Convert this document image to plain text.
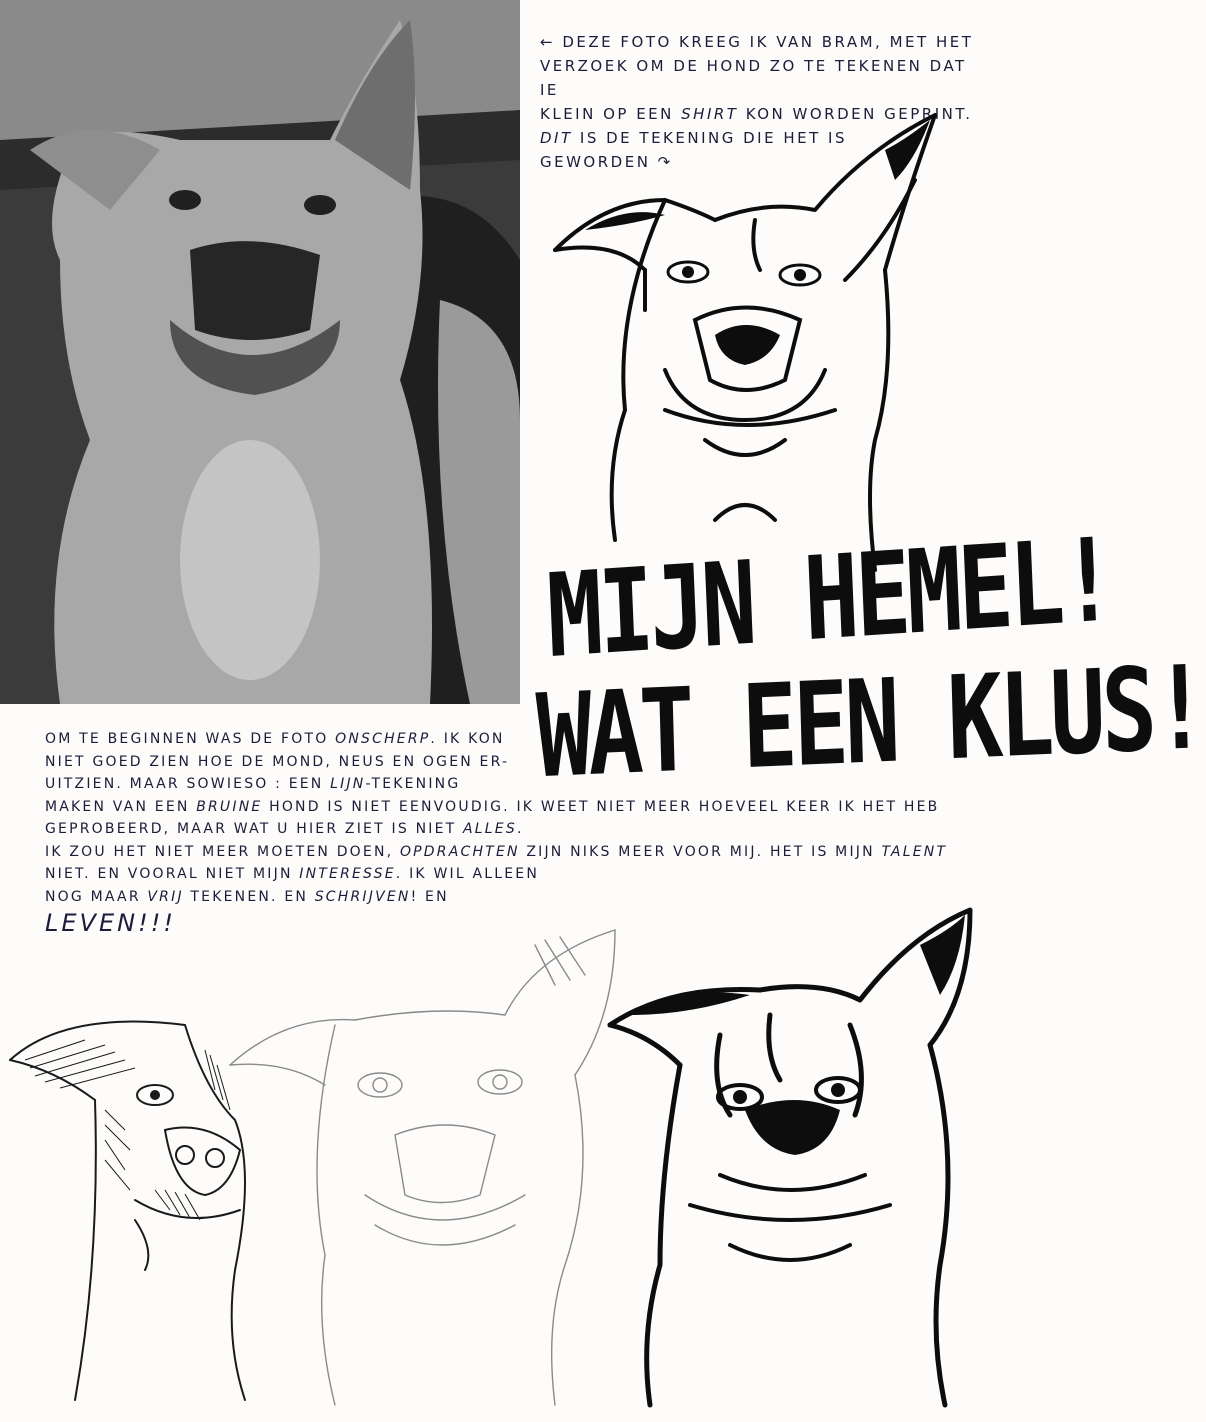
← DEZE FOTO KREEG IK VAN BRAM, MET HET
VERZOEK OM DE HOND ZO TE TEKENEN DAT IE
KLEIN OP EEN SHIRT KON WORDEN GEPRINT.
DIT IS DE TEKENING DIE HET IS
GEWORDEN ↷
MIJN HEMEL!
WAT EEN KLUS!
OM TE BEGINNEN WAS DE FOTO ONSCHERP. IK KON
NIET GOED ZIEN HOE DE MOND, NEUS EN OGEN ER-
UITZIEN. MAAR SOWIESO : EEN LIJN-TEKENING
MAKEN VAN EEN BRUINE HOND IS NIET EENVOUDIG. IK WEET NIET MEER HOEVEEL KEER IK HET HEB
GEPROBEERD, MAAR WAT U HIER ZIET IS NIET ALLES.
IK ZOU HET NIET MEER MOETEN DOEN, OPDRACHTEN ZIJN NIKS MEER VOOR MIJ. HET IS MIJN TALENT
NIET. EN VOORAL NIET MIJN INTERESSE. IK WIL ALLEEN
NOG MAAR VRIJ TEKENEN. EN SCHRIJVEN! EN
LEVEN!!!
